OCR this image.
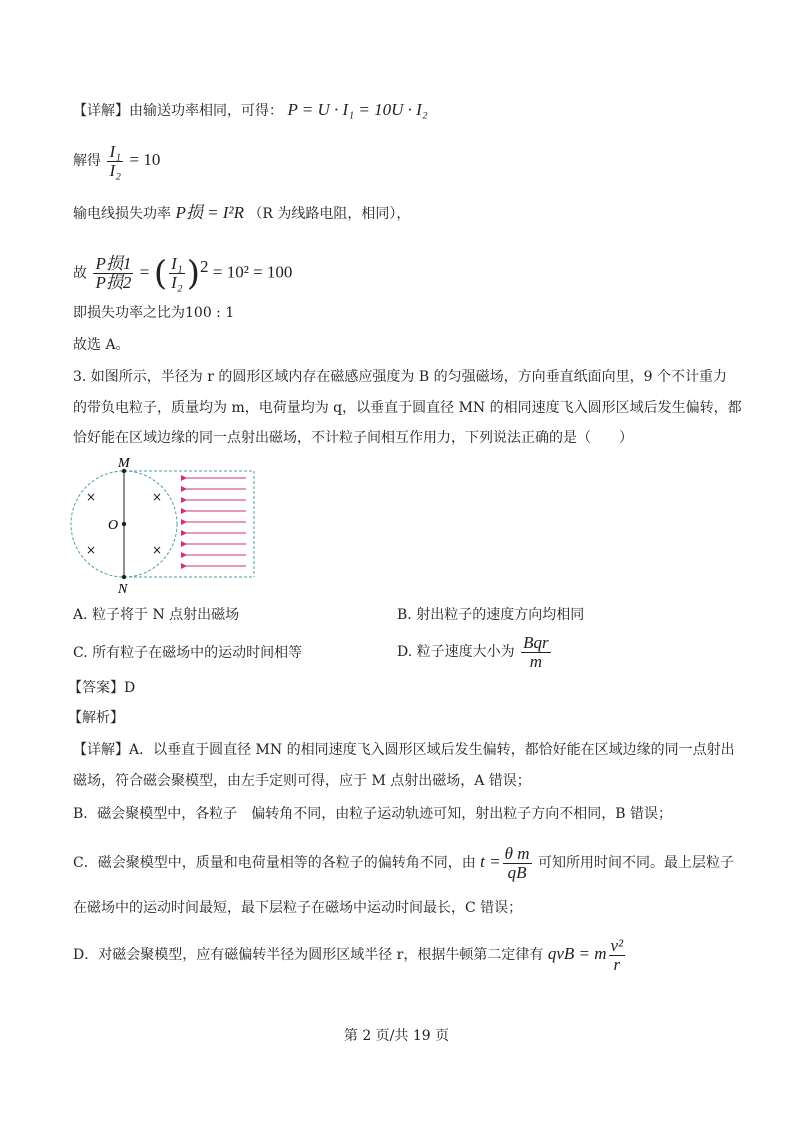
【详解】由输送功率相同，可得： P = U · I₁ = 10U · I₂
解得 $\frac{\text{I₁}}{\text{I₂}} = 10$
输电线损失功率 P损 = I²R （R 为线路电阻，相同），
故 $\frac{\text{P损1}}{\text{P损2}}$ = ( $\frac{\text{I₁}}{\text{I₂}} )^2 = 10^2 = 100$
即损失功率之比为100 : 1
故选 A。
3. 如图所示，半径为 r 的圆形区域内存在磁感应强度为 B 的匀强磁场，方向垂直纸面向里，9 个不计重力
的带负电粒子，质量均为 m，电荷量均为 q，以垂直于圆直径 MN 的相同速度飞入圆形区域后发生偏转，都
恰好能在区域边缘的同一点射出磁场，不计粒子间相互作用力，下列说法正确的是（　　）
M
O
N
×	×
×	×
A. 粒子将于 N 点射出磁场	B. 射出粒子的速度方向均相同
C. 所有粒子在磁场中的运动时间相等	D. 粒子速度大小为 $\frac{\text{Bqr}}{m}$
【答案】D
【解析】
【详解】A．以垂直于圆直径 MN 的相同速度飞入圆形区域后发生偏转，都恰好能在区域边缘的同一点射出
磁场，符合磁会聚模型，由左手定则可得，应于 M 点射出磁场，A 错误；
B．磁会聚模型中，各粒子　偏转角不同，由粒子运动轨迹可知，射出粒子方向不相同，B 错误；
C．磁会聚模型中，质量和电荷量相等的各粒子的偏转角不同，由 $t = \frac{\text{θ m}}{qB}$ 可知所用时间不同。最上层粒子
在磁场中的运动时间最短，最下层粒子在磁场中运动时间最长，C 错误；
D．对磁会聚模型，应有磁偏转半径为圆形区域半径 r，根据牛顿第二定律有 qvB = m $\frac{\text{v²}}{r}$
第 2 页/共 19 页
